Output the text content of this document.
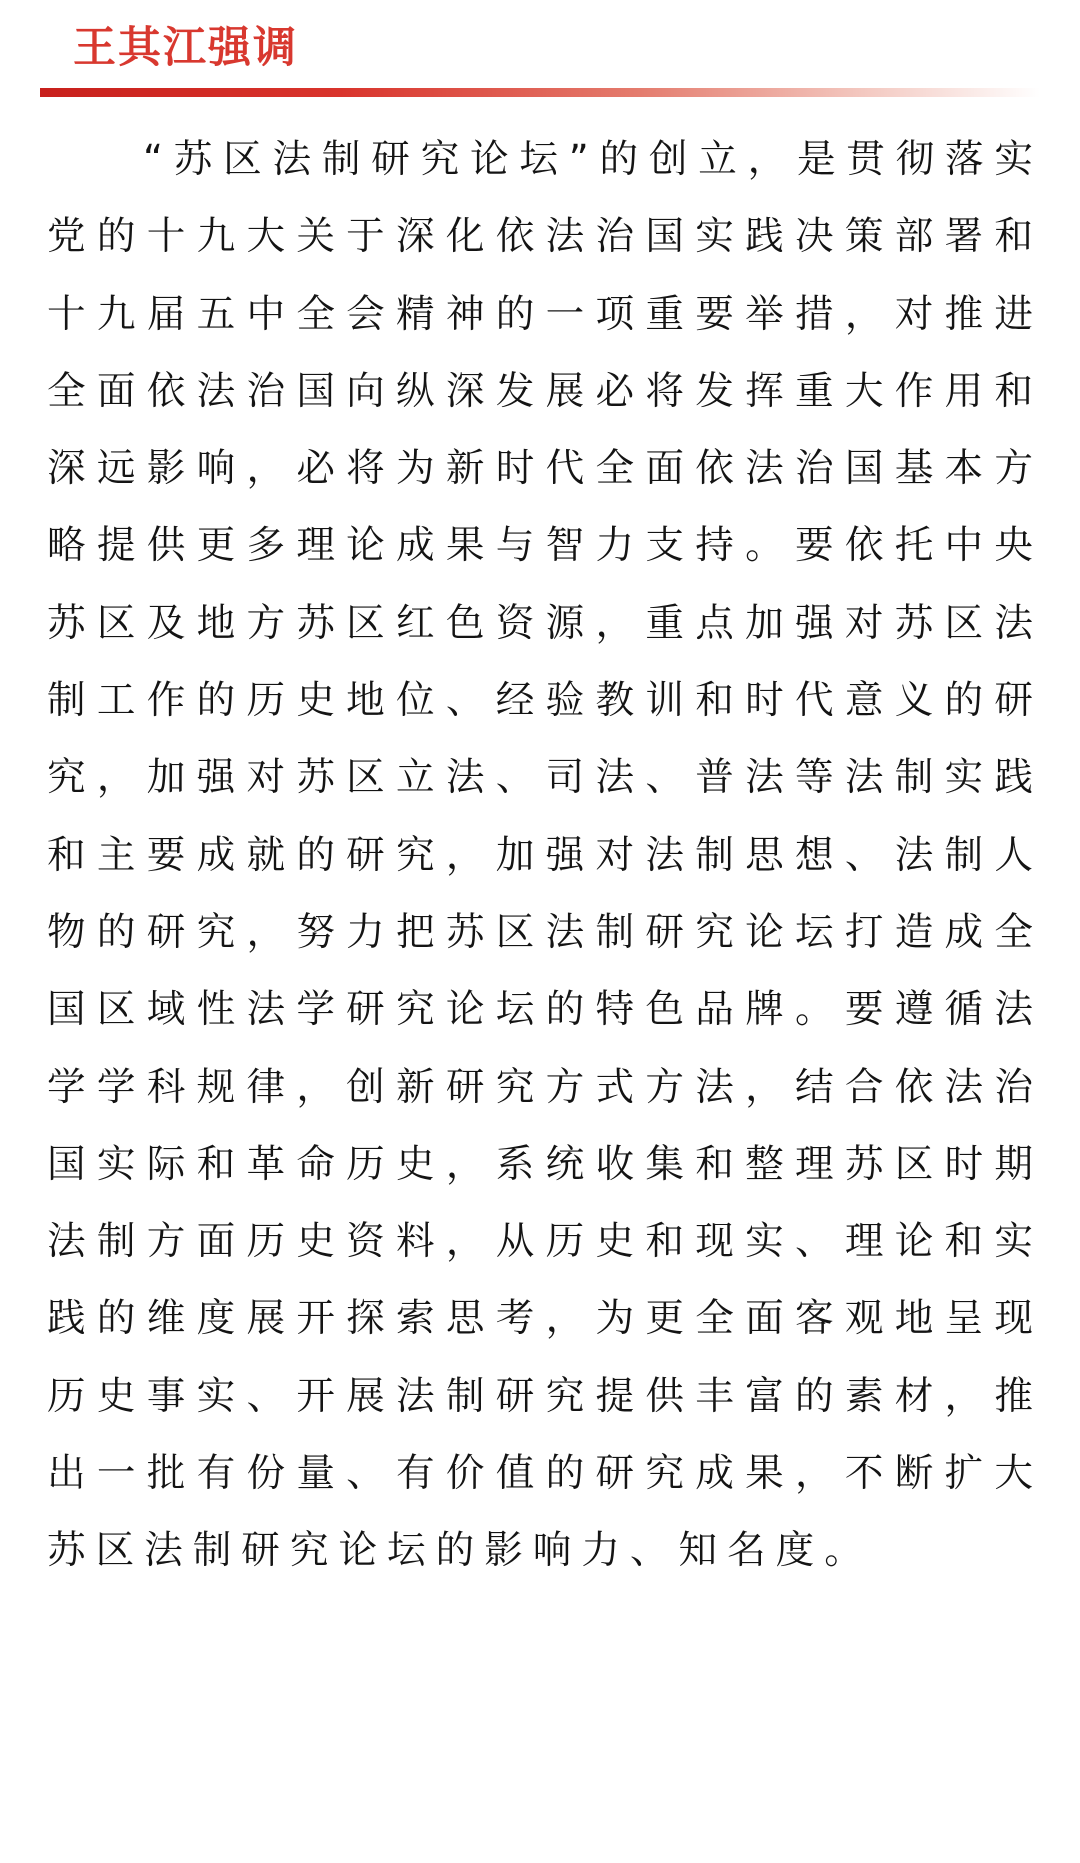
王其江强调

“苏区法制研究论坛”的创立，是贯彻落实党的十九大关于深化依法治国实践决策部署和十九届五中全会精神的一项重要举措，对推进全面依法治国向纵深发展必将发挥重大作用和深远影响，必将为新时代全面依法治国基本方略提供更多理论成果与智力支持。要依托中央苏区及地方苏区红色资源，重点加强对苏区法制工作的历史地位、经验教训和时代意义的研究，加强对苏区立法、司法、普法等法制实践和主要成就的研究，加强对法制思想、法制人物的研究，努力把苏区法制研究论坛打造成全国区域性法学研究论坛的特色品牌。要遵循法学学科规律，创新研究方式方法，结合依法治国实际和革命历史，系统收集和整理苏区时期法制方面历史资料，从历史和现实、理论和实践的维度展开探索思考，为更全面客观地呈现历史事实、开展法制研究提供丰富的素材，推出一批有份量、有价值的研究成果，不断扩大苏区法制研究论坛的影响力、知名度。
